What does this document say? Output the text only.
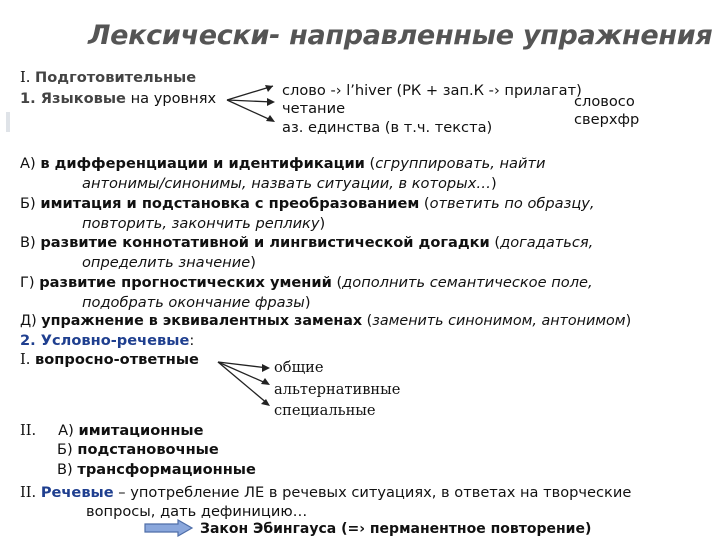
Лексически- направленные упражнения
I. Подготовительные
1. Языковые на уровнях	слово -› l’hiver (РК + зап.К -› прилагат)
четание
аз. единства (в т.ч. текста)
словосо
сверхфр
А) в дифференциации и идентификации (сгруппировать, найти
антонимы/синонимы, назвать ситуации, в которых…)
Б) имитация и подстановка с преобразованием (ответить по образцу,
повторить, закончить реплику)
В) развитие коннотативной и лингвистической догадки (догадаться,
определить значение)
Г) развитие прогностических умений (дополнить семантическое поле,
подобрать окончание фразы)
Д) упражнение в эквивалентных заменах (заменить синонимом, антонимом)
2. Условно-речевые:
I. вопросно-ответные	общие
альтернативные
специальные
II. А) имитационные
Б) подстановочные
В) трансформационные
II. Речевые – употребление ЛЕ в речевых ситуациях, в ответах на творческие
вопросы, дать дефиницию…
Закон Эбингауса (=› перманентное повторение)
